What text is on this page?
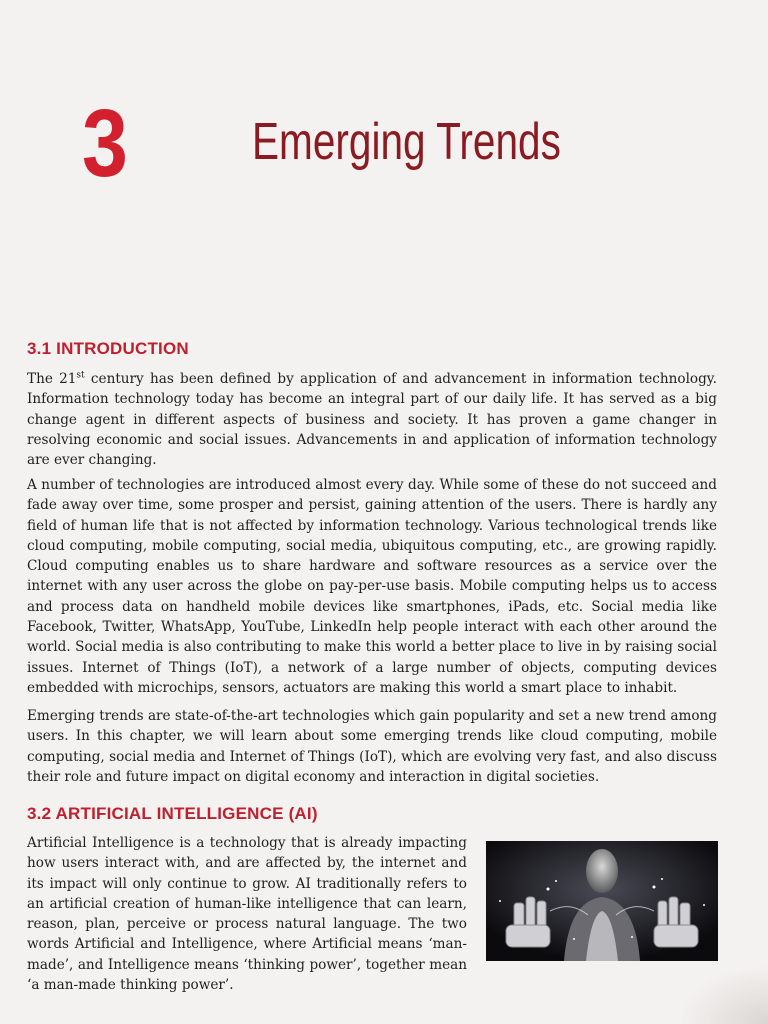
3 Emerging Trends
3.1 INTRODUCTION

The 21st century has been defined by application of and advancement in information technology. Information technology today has become an integral part of our daily life. It has served as a big change agent in different aspects of business and society. It has proven a game changer in resolving economic and social issues. Advancements in and application of information technology are ever changing.

A number of technologies are introduced almost every day. While some of these do not succeed and fade away over time, some prosper and persist, gaining attention of the users. There is hardly any field of human life that is not affected by information technology. Various technological trends like cloud computing, mobile computing, social media, ubiquitous computing, etc., are growing rapidly. Cloud computing enables us to share hardware and software resources as a service over the internet with any user across the globe on pay-per-use basis. Mobile computing helps us to access and process data on handheld mobile devices like smartphones, iPads, etc. Social media like Facebook, Twitter, WhatsApp, YouTube, LinkedIn help people interact with each other around the world. Social media is also contributing to make this world a better place to live in by raising social issues. Internet of Things (IoT), a network of a large number of objects, computing devices embedded with microchips, sensors, actuators are making this world a smart place to inhabit.

Emerging trends are state-of-the-art technologies which gain popularity and set a new trend among users. In this chapter, we will learn about some emerging trends like cloud computing, mobile computing, social media and Internet of Things (IoT), which are evolving very fast, and also discuss their role and future impact on digital economy and interaction in digital societies.

3.2 ARTIFICIAL INTELLIGENCE (AI)

Artificial Intelligence is a technology that is already impacting how users interact with, and are affected by, the internet and its impact will only continue to grow. AI traditionally refers to an artificial creation of human-like intelligence that can learn, reason, plan, perceive or process natural language. The two words Artificial and Intelligence, where Artificial means ‘man-made’, and Intelligence means ‘thinking power’, together mean ‘a man-made thinking power’.
